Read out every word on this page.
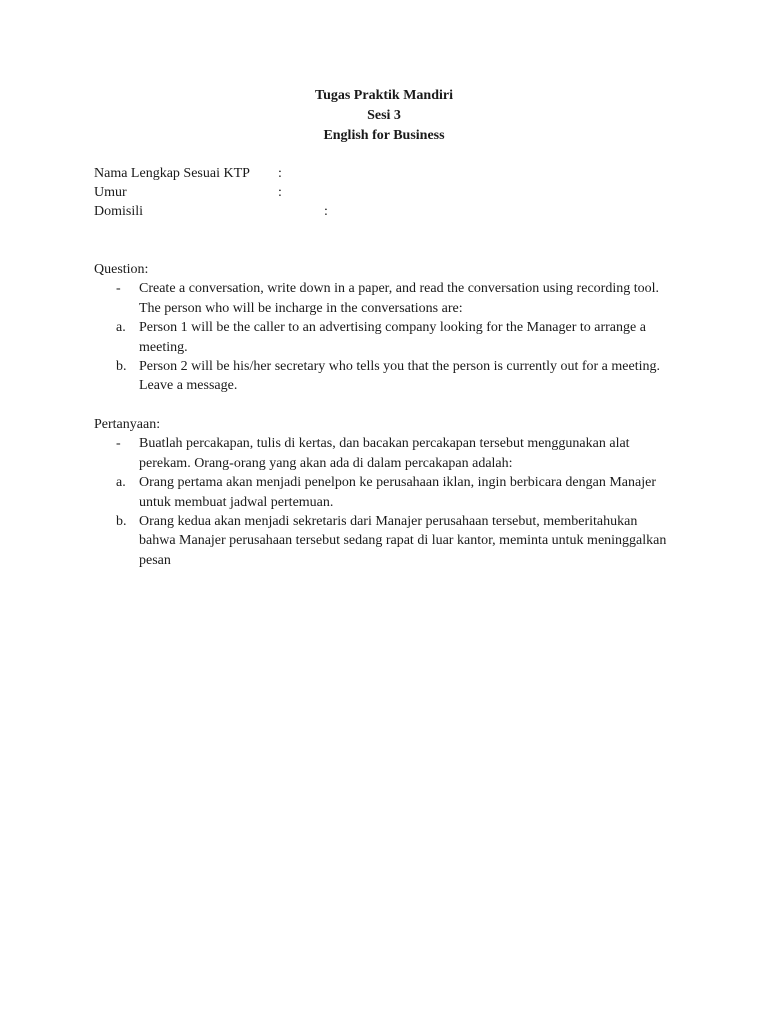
Tugas Praktik Mandiri
Sesi 3
English for Business
Nama Lengkap Sesuai KTP :
Umur	:
Domisili	:

Question:

- Create a conversation, write down in a paper, and read the conversation using recording tool. The person who will be incharge in the conversations are:
a. Person 1 will be the caller to an advertising company looking for the Manager to arrange a meeting.
b. Person 2 will be his/her secretary who tells you that the person is currently out for a meeting. Leave a message.

Pertanyaan:

- Buatlah percakapan, tulis di kertas, dan bacakan percakapan tersebut menggunakan alat perekam. Orang-orang yang akan ada di dalam percakapan adalah:
a. Orang pertama akan menjadi penelpon ke perusahaan iklan, ingin berbicara dengan Manajer untuk membuat jadwal pertemuan.
b. Orang kedua akan menjadi sekretaris dari Manajer perusahaan tersebut, memberitahukan bahwa Manajer perusahaan tersebut sedang rapat di luar kantor, meminta untuk meninggalkan pesan
